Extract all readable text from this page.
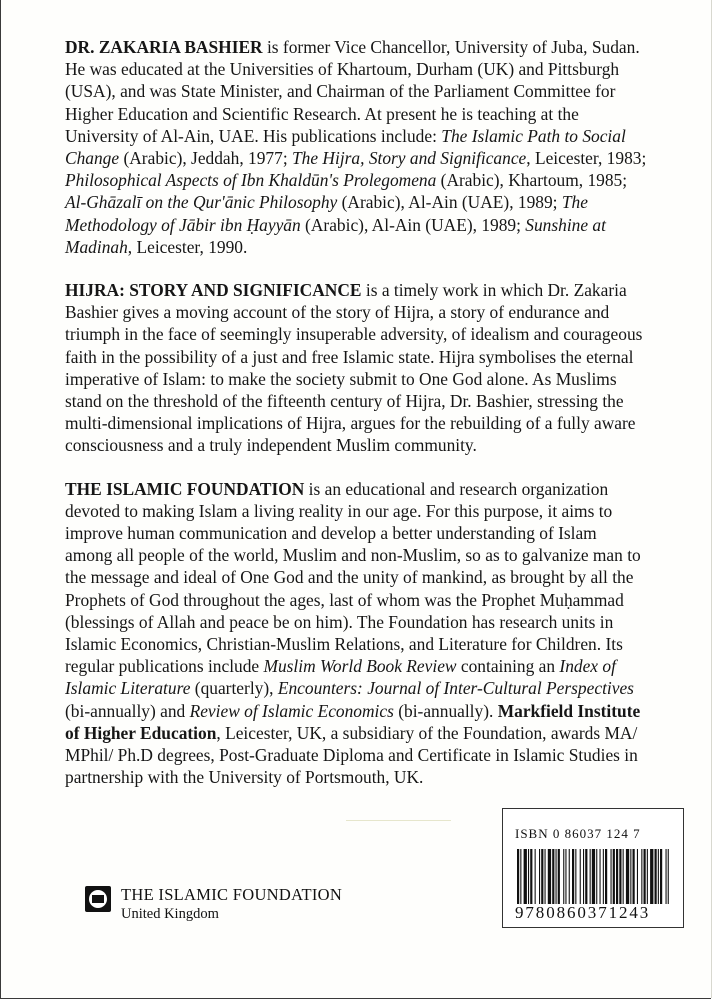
DR. ZAKARIA BASHIER is former Vice Chancellor, University of Juba, Sudan.
He was educated at the Universities of Khartoum, Durham (UK) and Pittsburgh
(USA), and was State Minister, and Chairman of the Parliament Committee for
Higher Education and Scientific Research. At present he is teaching at the
University of Al-Ain, UAE. His publications include: The Islamic Path to Social
Change (Arabic), Jeddah, 1977; The Hijra, Story and Significance, Leicester, 1983;
Philosophical Aspects of Ibn Khaldūn's Prolegomena (Arabic), Khartoum, 1985;
Al-Ghāzalī on the Qur'ānic Philosophy (Arabic), Al-Ain (UAE), 1989; The
Methodology of Jābir ibn Ḥayyān (Arabic), Al-Ain (UAE), 1989; Sunshine at
Madinah, Leicester, 1990.

HIJRA: STORY AND SIGNIFICANCE is a timely work in which Dr. Zakaria
Bashier gives a moving account of the story of Hijra, a story of endurance and
triumph in the face of seemingly insuperable adversity, of idealism and courageous
faith in the possibility of a just and free Islamic state. Hijra symbolises the eternal
imperative of Islam: to make the society submit to One God alone. As Muslims
stand on the threshold of the fifteenth century of Hijra, Dr. Bashier, stressing the
multi-dimensional implications of Hijra, argues for the rebuilding of a fully aware
consciousness and a truly independent Muslim community.

THE ISLAMIC FOUNDATION is an educational and research organization
devoted to making Islam a living reality in our age. For this purpose, it aims to
improve human communication and develop a better understanding of Islam
among all people of the world, Muslim and non-Muslim, so as to galvanize man to
the message and ideal of One God and the unity of mankind, as brought by all the
Prophets of God throughout the ages, last of whom was the Prophet Muḥammad
(blessings of Allah and peace be on him). The Foundation has research units in
Islamic Economics, Christian-Muslim Relations, and Literature for Children. Its
regular publications include Muslim World Book Review containing an Index of
Islamic Literature (quarterly), Encounters: Journal of Inter-Cultural Perspectives
(bi-annually) and Review of Islamic Economics (bi-annually). Markfield Institute
of Higher Education, Leicester, UK, a subsidiary of the Foundation, awards MA/
MPhil/ Ph.D degrees, Post-Graduate Diploma and Certificate in Islamic Studies in
partnership with the University of Portsmouth, UK.

ISBN 0 86037 124 7
9780860371243
THE ISLAMIC FOUNDATION
United Kingdom
